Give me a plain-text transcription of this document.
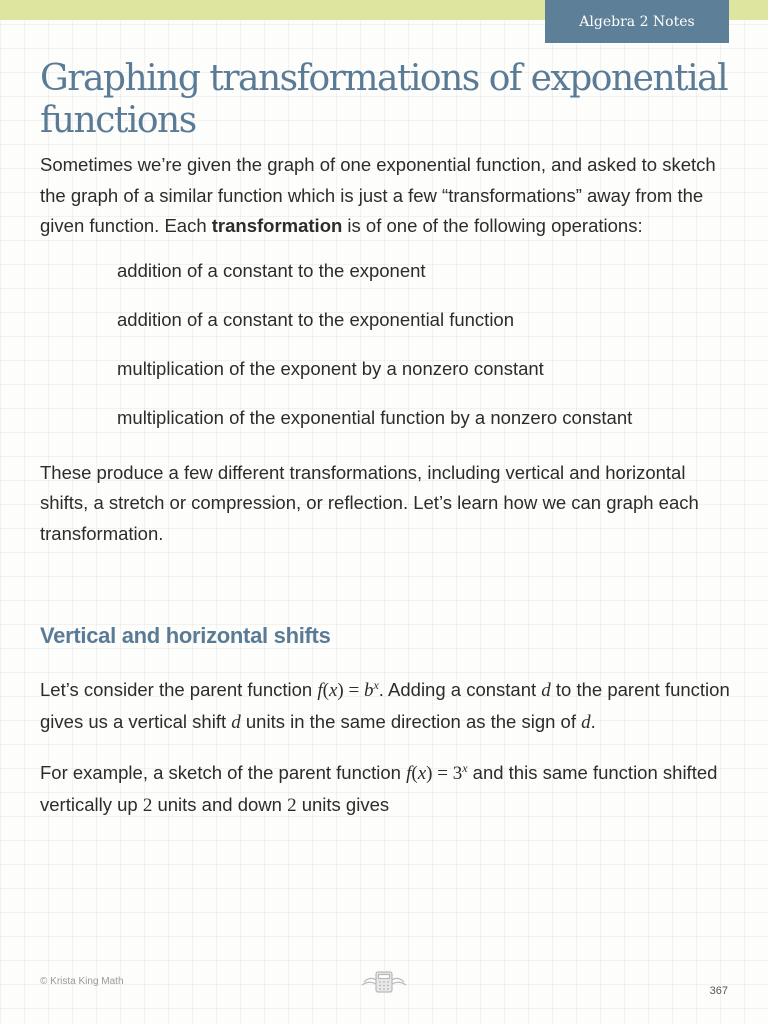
Algebra 2 Notes
Graphing transformations of exponential functions

Sometimes we’re given the graph of one exponential function, and asked to sketch the graph of a similar function which is just a few “transformations” away from the given function. Each transformation is of one of the following operations:

addition of a constant to the exponent
addition of a constant to the exponential function
multiplication of the exponent by a nonzero constant
multiplication of the exponential function by a nonzero constant

These produce a few different transformations, including vertical and horizontal shifts, a stretch or compression, or reflection. Let’s learn how we can graph each transformation.

Vertical and horizontal shifts

Let’s consider the parent function $f(x) = b^x$. Adding a constant d to the parent function gives us a vertical shift d units in the same direction as the sign of d.

For example, a sketch of the parent function $f(x) = 3^x$ and this same function shifted vertically up 2 units and down 2 units gives

© Krista King Math
367
